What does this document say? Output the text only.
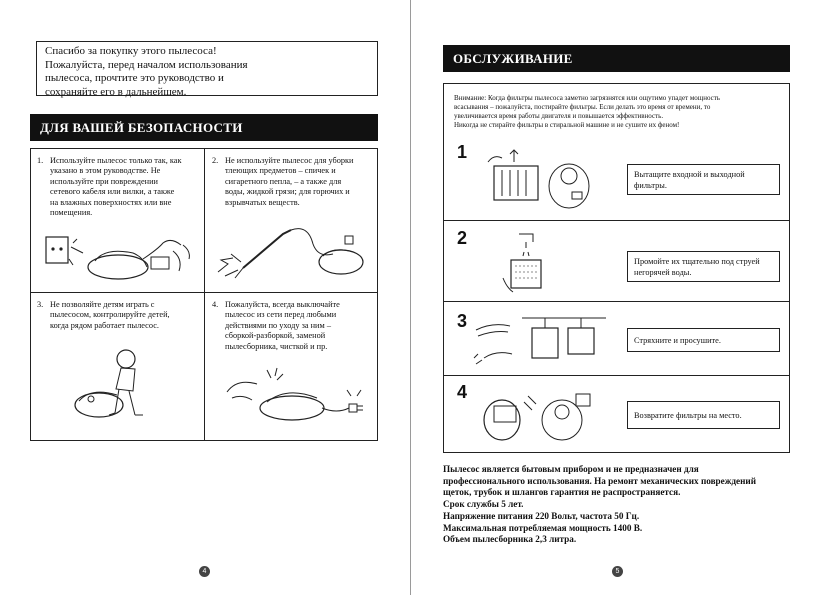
Спасибо за покупку этого пылесоса!
Пожалуйста, перед началом использования
пылесоса, прочтите это руководство и
сохраняйте его в дальнейшем.
ДЛЯ ВАШЕЙ БЕЗОПАСНОСТИ
1. Используйте пылесос только так, как
указано в этом руководстве. Не
используйте при повреждении
сетевого кабеля или вилки, а также
на влажных поверхностях или вне
помещения.
2. Не используйте пылесос для уборки
тлеющих предметов – спичек и
сигаретного пепла, – а также для
воды, жидкой грязи; для горючих и
взрывчатых веществ.
3. Не позволяйте детям играть с
пылесосом, контролируйте детей,
когда рядом работает пылесос.
4. Пожалуйста, всегда выключайте
пылесос из сети перед любыми
действиями по уходу за ним –
сборкой-разборкой, заменой
пылесборника, чисткой и пр.
4
ОБСЛУЖИВАНИЕ
Внимание: Когда фильтры пылесоса заметно загрязнятся или ощутимо упадет мощность
всасывания – пожалуйста, постирайте фильтры. Если делать это время от времени, то
увеличивается время работы двигателя и повышается эффективность.
Никогда не стирайте фильтры в стиральной машине и не сушите их феном!
1
Вытащите входной и выходной
фильтры.
2
Промойте их тщательно под струей
негорячей воды.
3
Стряхните и просушите.
4
Возвратите фильтры на место.
Пылесос является бытовым прибором и не предназначен для
профессионального использования. На ремонт механических повреждений
щеток, трубок и шлангов гарантия не распространяется.
Срок службы 5 лет.
Напряжение питания 220 Вольт, частота 50 Гц.
Максимальная потребляемая мощность 1400 В.
Объем пылесборника 2,3 литра.
5
